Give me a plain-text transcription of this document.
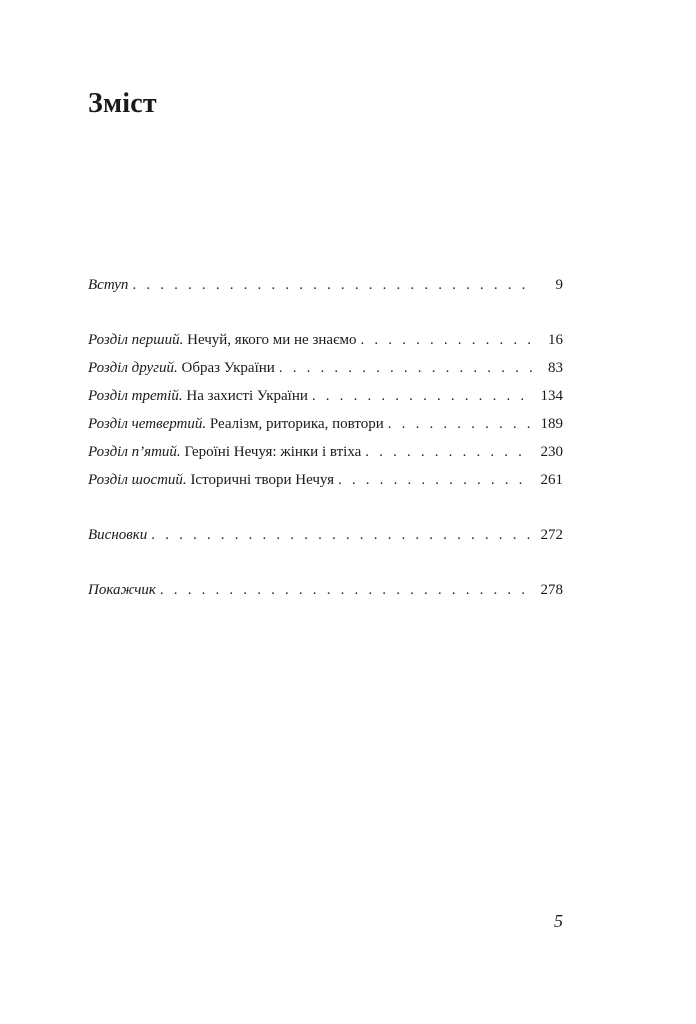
Зміст
Вступ . . .	9
Розділ перший. Нечуй, якого ми не знаємо . . .	16
Розділ другий. Образ України . . .	83
Розділ третій. На захисті України . . .	134
Розділ четвертий. Реалізм, риторика, повтори . . .	189
Розділ п’ятий. Героїні Нечуя: жінки і втіха . . .	230
Розділ шостий. Історичні твори Нечуя . . .	261
Висновки . . .	272
Покажчик . . .	278
5
